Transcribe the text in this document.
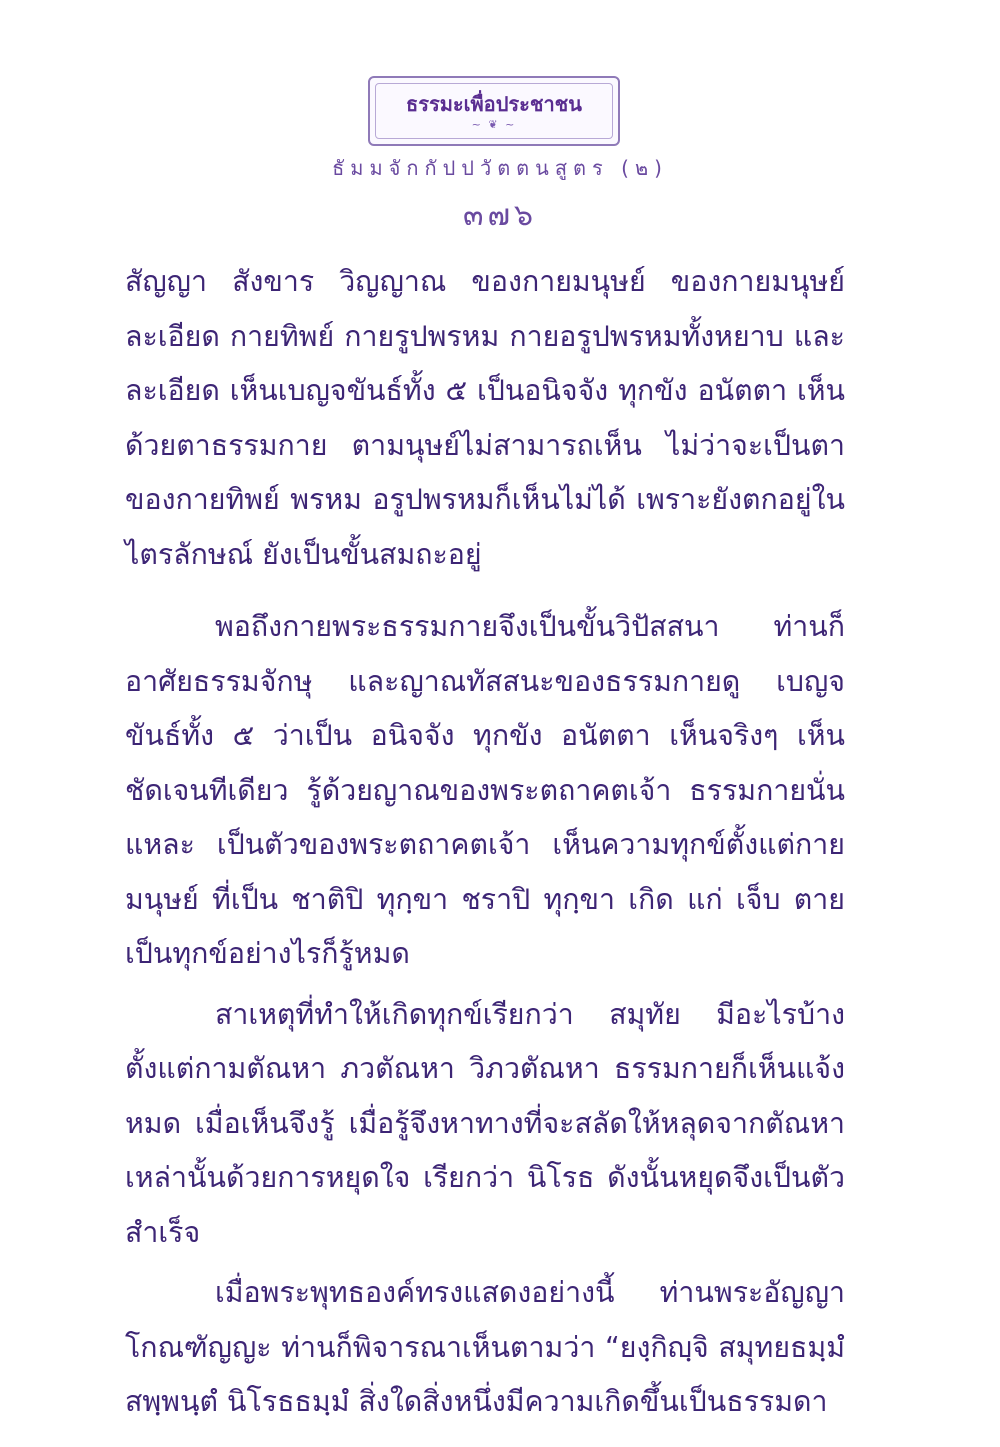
ธรรมะเพื่อประชาชน
~ ❦ ~
ธัมมจักกัปปวัตตนสูตร (๒)
๓๗๖

สัญญา สังขาร วิญญาณ ของกายมนุษย์ ของกายมนุษย์ละเอียด กายทิพย์ กายรูปพรหม กายอรูปพรหมทั้งหยาบ และละเอียด เห็นเบญจขันธ์ทั้ง ๕ เป็นอนิจจัง ทุกขัง อนัตตา เห็นด้วยตาธรรมกาย ตามนุษย์ไม่สามารถเห็น ไม่ว่าจะเป็นตาของกายทิพย์ พรหม อรูปพรหมก็เห็นไม่ได้ เพราะยังตกอยู่ในไตรลักษณ์ ยังเป็นขั้นสมถะอยู่

พอถึงกายพระธรรมกายจึงเป็นขั้นวิปัสสนา ท่านก็อาศัยธรรมจักษุ และญาณทัสสนะของธรรมกายดู เบญจขันธ์ทั้ง ๕ ว่าเป็น อนิจจัง ทุกขัง อนัตตา เห็นจริงๆ เห็นชัดเจนทีเดียว รู้ด้วยญาณของพระตถาคตเจ้า ธรรมกายนั่นแหละ เป็นตัวของพระตถาคตเจ้า เห็นความทุกข์ตั้งแต่กายมนุษย์ ที่เป็น ชาติปิ ทุกฺขา ชราปิ ทุกฺขา เกิด แก่ เจ็บ ตาย เป็นทุกข์อย่างไรก็รู้หมด

สาเหตุที่ทำให้เกิดทุกข์เรียกว่า สมุทัย มีอะไรบ้าง ตั้งแต่กามตัณหา ภวตัณหา วิภวตัณหา ธรรมกายก็เห็นแจ้งหมด เมื่อเห็นจึงรู้ เมื่อรู้จึงหาทางที่จะสลัดให้หลุดจากตัณหาเหล่านั้นด้วยการหยุดใจ เรียกว่า นิโรธ ดังนั้นหยุดจึงเป็นตัวสำเร็จ

เมื่อพระพุทธองค์ทรงแสดงอย่างนี้ ท่านพระอัญญาโกณฑัญญะ ท่านก็พิจารณาเห็นตามว่า “ยงฺกิญฺจิ สมุทยธมฺมํ สพฺพนฺตํ นิโรธธมฺมํ สิ่งใดสิ่งหนึ่งมีความเกิดขึ้นเป็นธรรมดา
